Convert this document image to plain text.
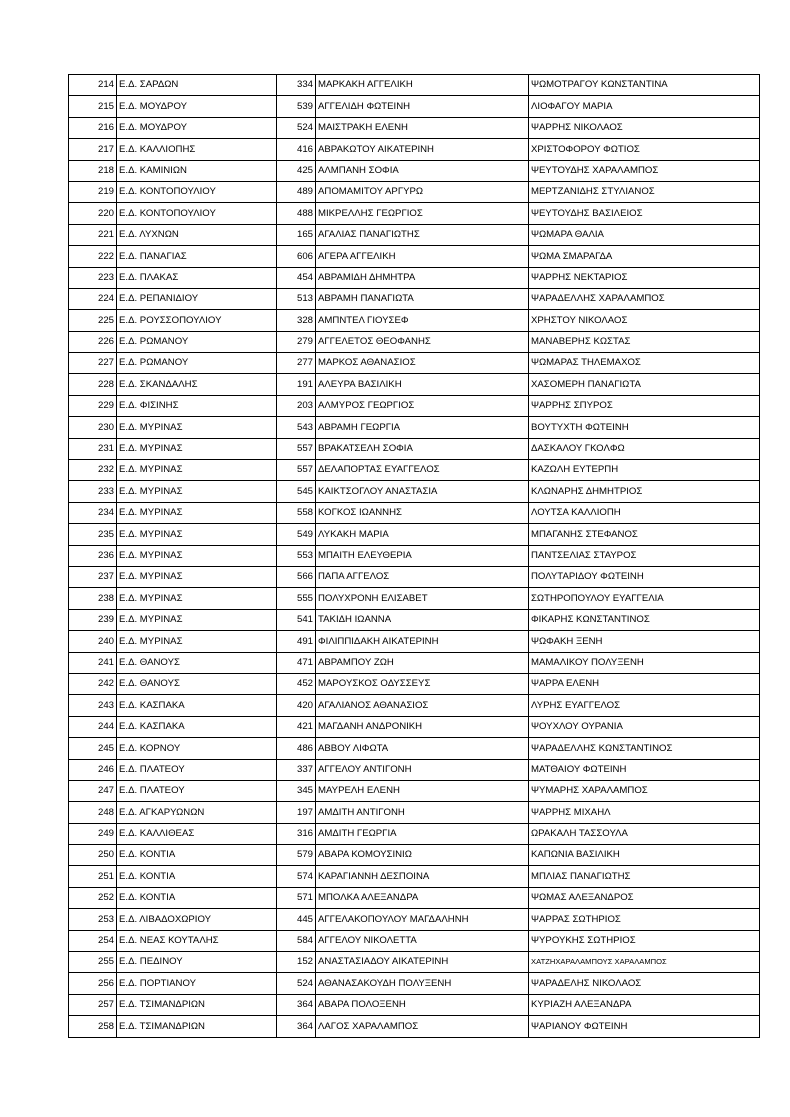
214	Ε.Δ. ΣΑΡΔΩΝ	334	ΜΑΡΚΑΚΗ ΑΓΓΕΛΙΚΗ	ΨΩΜΟΤΡΑΓΟΥ ΚΩΝΣΤΑΝΤΙΝΑ
215	Ε.Δ. ΜΟΥΔΡΟΥ	539	ΑΓΓΕΛΙΔΗ ΦΩΤΕΙΝΗ	ΛΙΟΦΑΓΟΥ ΜΑΡΙΑ
216	Ε.Δ. ΜΟΥΔΡΟΥ	524	ΜΑΙΣΤΡΑΚΗ ΕΛΕΝΗ	ΨΑΡΡΗΣ ΝΙΚΟΛΑΟΣ
217	Ε.Δ. ΚΑΛΛΙΟΠΗΣ	416	ΑΒΡΑΚΩΤΟΥ ΑΙΚΑΤΕΡΙΝΗ	ΧΡΙΣΤΟΦΟΡΟΥ ΦΩΤΙΟΣ
218	Ε.Δ. ΚΑΜΙΝΙΩΝ	425	ΑΛΜΠΑΝΗ ΣΟΦΙΑ	ΨΕΥΤΟΥΔΗΣ ΧΑΡΑΛΑΜΠΟΣ
219	Ε.Δ. ΚΟΝΤΟΠΟΥΛΙΟΥ	489	ΑΠΟΜΑΜΙΤΟΥ ΑΡΓΥΡΩ	ΜΕΡΤΖΑΝΙΔΗΣ ΣΤΥΛΙΑΝΟΣ
220	Ε.Δ. ΚΟΝΤΟΠΟΥΛΙΟΥ	488	ΜΙΚΡΕΛΛΗΣ ΓΕΩΡΓΙΟΣ	ΨΕΥΤΟΥΔΗΣ ΒΑΣΙΛΕΙΟΣ
221	Ε.Δ. ΛΥΧΝΩΝ	165	ΑΓΑΛΙΑΣ ΠΑΝΑΓΙΩΤΗΣ	ΨΩΜΑΡΑ ΘΑΛΙΑ
222	Ε.Δ. ΠΑΝΑΓΙΑΣ	606	ΑΓΕΡΑ ΑΓΓΕΛΙΚΗ	ΨΩΜΑ ΣΜΑΡΑΓΔΑ
223	Ε.Δ. ΠΛΑΚΑΣ	454	ΑΒΡΑΜΙΔΗ ΔΗΜΗΤΡΑ	ΨΑΡΡΗΣ ΝΕΚΤΑΡΙΟΣ
224	Ε.Δ. ΡΕΠΑΝΙΔΙΟΥ	513	ΑΒΡΑΜΗ ΠΑΝΑΓΙΩΤΑ	ΨΑΡΑΔΕΛΛΗΣ ΧΑΡΑΛΑΜΠΟΣ
225	Ε.Δ. ΡΟΥΣΣΟΠΟΥΛΙΟΥ	328	ΑΜΠΝΤΕΛ ΓΙΟΥΣΕΦ	ΧΡΗΣΤΟΥ ΝΙΚΟΛΑΟΣ
226	Ε.Δ. ΡΩΜΑΝΟΥ	279	ΑΓΓΕΛΕΤΟΣ ΘΕΟΦΑΝΗΣ	ΜΑΝΑΒΕΡΗΣ ΚΩΣΤΑΣ
227	Ε.Δ. ΡΩΜΑΝΟΥ	277	ΜΑΡΚΟΣ ΑΘΑΝΑΣΙΟΣ	ΨΩΜΑΡΑΣ ΤΗΛΕΜΑΧΟΣ
228	Ε.Δ. ΣΚΑΝΔΑΛΗΣ	191	ΑΛΕΥΡΑ ΒΑΣΙΛΙΚΗ	ΧΑΣΟΜΕΡΗ ΠΑΝΑΓΙΩΤΑ
229	Ε.Δ. ΦΙΣΙΝΗΣ	203	ΑΛΜΥΡΟΣ ΓΕΩΡΓΙΟΣ	ΨΑΡΡΗΣ ΣΠΥΡΟΣ
230	Ε.Δ. ΜΥΡΙΝΑΣ	543	ΑΒΡΑΜΗ ΓΕΩΡΓΙΑ	ΒΟΥΤΥΧΤΗ ΦΩΤΕΙΝΗ
231	Ε.Δ. ΜΥΡΙΝΑΣ	557	ΒΡΑΚΑΤΣΕΛΗ ΣΟΦΙΑ	ΔΑΣΚΑΛΟΥ ΓΚΟΛΦΩ
232	Ε.Δ. ΜΥΡΙΝΑΣ	557	ΔΕΛΑΠΟΡΤΑΣ ΕΥΑΓΓΕΛΟΣ	ΚΑΖΩΛΗ ΕΥΤΕΡΠΗ
233	Ε.Δ. ΜΥΡΙΝΑΣ	545	ΚΑΙΚΤΣΟΓΛΟΥ ΑΝΑΣΤΑΣΙΑ	ΚΛΩΝΑΡΗΣ ΔΗΜΗΤΡΙΟΣ
234	Ε.Δ. ΜΥΡΙΝΑΣ	558	ΚΟΓΚΟΣ ΙΩΑΝΝΗΣ	ΛΟΥΤΣΑ ΚΑΛΛΙΟΠΗ
235	Ε.Δ. ΜΥΡΙΝΑΣ	549	ΛΥΚΑΚΗ ΜΑΡΙΑ	ΜΠΑΓΑΝΗΣ ΣΤΕΦΑΝΟΣ
236	Ε.Δ. ΜΥΡΙΝΑΣ	553	ΜΠΑΙΤΗ ΕΛΕΥΘΕΡΙΑ	ΠΑΝΤΣΕΛΙΑΣ ΣΤΑΥΡΟΣ
237	Ε.Δ. ΜΥΡΙΝΑΣ	566	ΠΑΠΑ ΑΓΓΕΛΟΣ	ΠΟΛΥΤΑΡΙΔΟΥ ΦΩΤΕΙΝΗ
238	Ε.Δ. ΜΥΡΙΝΑΣ	555	ΠΟΛΥΧΡΟΝΗ ΕΛΙΣΑΒΕΤ	ΣΩΤΗΡΟΠΟΥΛΟΥ ΕΥΑΓΓΕΛΙΑ
239	Ε.Δ. ΜΥΡΙΝΑΣ	541	ΤΑΚΙΔΗ ΙΩΑΝΝΑ	ΦΙΚΑΡΗΣ ΚΩΝΣΤΑΝΤΙΝΟΣ
240	Ε.Δ. ΜΥΡΙΝΑΣ	491	ΦΙΛΙΠΠΙΔΑΚΗ ΑΙΚΑΤΕΡΙΝΗ	ΨΩΦΑΚΗ ΞΕΝΗ
241	Ε.Δ. ΘΑΝΟΥΣ	471	ΑΒΡΑΜΠΟΥ ΖΩΗ	ΜΑΜΑΛΙΚΟΥ ΠΟΛΥΞΕΝΗ
242	Ε.Δ. ΘΑΝΟΥΣ	452	ΜΑΡΟΥΣΚΟΣ ΟΔΥΣΣΕΥΣ	ΨΑΡΡΑ ΕΛΕΝΗ
243	Ε.Δ. ΚΑΣΠΑΚΑ	420	ΑΓΑΛΙΑΝΟΣ ΑΘΑΝΑΣΙΟΣ	ΛΥΡΗΣ ΕΥΑΓΓΕΛΟΣ
244	Ε.Δ. ΚΑΣΠΑΚΑ	421	ΜΑΓΔΑΝΗ ΑΝΔΡΟΝΙΚΗ	ΨΟΥΧΛΟΥ ΟΥΡΑΝΙΑ
245	Ε.Δ. ΚΟΡΝΟΥ	486	ΑΒΒΟΥ ΛΙΦΩΤΑ	ΨΑΡΑΔΕΛΛΗΣ ΚΩΝΣΤΑΝΤΙΝΟΣ
246	Ε.Δ. ΠΛΑΤΕΟΥ	337	ΑΓΓΕΛΟΥ ΑΝΤΙΓΟΝΗ	ΜΑΤΘΑΙΟΥ ΦΩΤΕΙΝΗ
247	Ε.Δ. ΠΛΑΤΕΟΥ	345	ΜΑΥΡΕΛΗ ΕΛΕΝΗ	ΨΥΜΑΡΗΣ ΧΑΡΑΛΑΜΠΟΣ
248	Ε.Δ. ΑΓΚΑΡΥΩΝΩΝ	197	ΑΜΔΙΤΗ ΑΝΤΙΓΟΝΗ	ΨΑΡΡΗΣ ΜΙΧΑΗΛ
249	Ε.Δ. ΚΑΛΛΙΘΕΑΣ	316	ΑΜΔΙΤΗ ΓΕΩΡΓΙΑ	ΩΡΑΚΑΛΗ ΤΑΣΣΟΥΛΑ
250	Ε.Δ. ΚΟΝΤΙΑ	579	ΑΒΑΡΑ ΚΟΜΟΥΣΙΝΙΩ	ΚΑΠΩΝΙΑ ΒΑΣΙΛΙΚΗ
251	Ε.Δ. ΚΟΝΤΙΑ	574	ΚΑΡΑΓΙΑΝΝΗ ΔΕΣΠΟΙΝΑ	ΜΠΛΙΑΣ ΠΑΝΑΓΙΩΤΗΣ
252	Ε.Δ. ΚΟΝΤΙΑ	571	ΜΠΟΛΚΑ ΑΛΕΞΑΝΔΡΑ	ΨΩΜΑΣ ΑΛΕΞΑΝΔΡΟΣ
253	Ε.Δ. ΛΙΒΑΔΟΧΩΡΙΟΥ	445	ΑΓΓΕΛΑΚΟΠΟΥΛΟΥ ΜΑΓΔΑΛΗΝΗ	ΨΑΡΡΑΣ ΣΩΤΗΡΙΟΣ
254	Ε.Δ. ΝΕΑΣ ΚΟΥΤΑΛΗΣ	584	ΑΓΓΕΛΟΥ ΝΙΚΟΛΕΤΤΑ	ΨΥΡΟΥΚΗΣ ΣΩΤΗΡΙΟΣ
255	Ε.Δ. ΠΕΔΙΝΟΥ	152	ΑΝΑΣΤΑΣΙΑΔΟΥ ΑΙΚΑΤΕΡΙΝΗ	ΧΑΤΖΗΧΑΡΑΛΑΜΠΟΥΣ ΧΑΡΑΛΑΜΠΟΣ
256	Ε.Δ. ΠΟΡΤΙΑΝΟΥ	524	ΑΘΑΝΑΣΑΚΟΥΔΗ ΠΟΛΥΞΕΝΗ	ΨΑΡΑΔΕΛΗΣ ΝΙΚΟΛΑΟΣ
257	Ε.Δ. ΤΣΙΜΑΝΔΡΙΩΝ	364	ΑΒΑΡΑ ΠΟΛΟΞΕΝΗ	ΚΥΡΙΑΖΗ ΑΛΕΞΑΝΔΡΑ
258	Ε.Δ. ΤΣΙΜΑΝΔΡΙΩΝ	364	ΛΑΓΟΣ ΧΑΡΑΛΑΜΠΟΣ	ΨΑΡΙΑΝΟΥ ΦΩΤΕΙΝΗ
